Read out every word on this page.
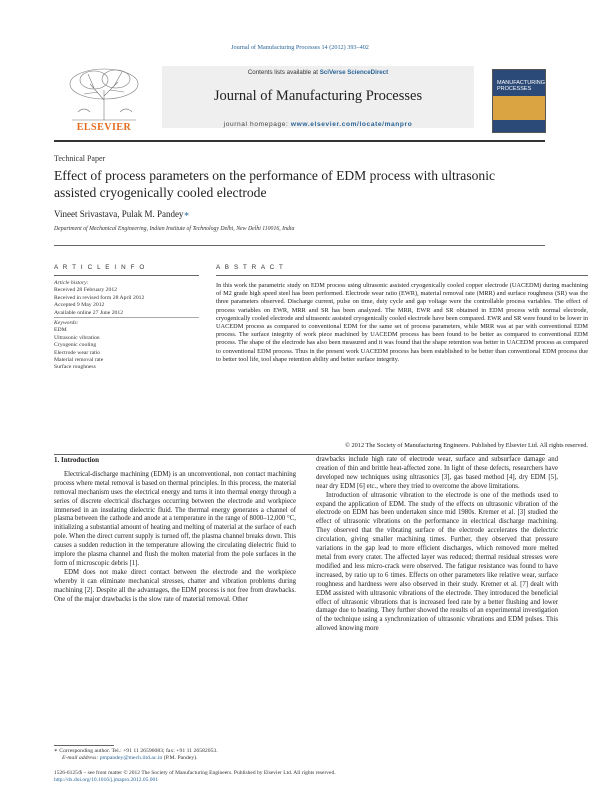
Journal of Manufacturing Processes 14 (2012) 393–402
ELSEVIER
Contents lists available at SciVerse ScienceDirect
Journal of Manufacturing Processes
journal homepage: www.elsevier.com/locate/manpro
MANUFACTURING PROCESSES
Technical Paper
Effect of process parameters on the performance of EDM process with ultrasonic assisted cryogenically cooled electrode
Vineet Srivastava, Pulak M. Pandey∗
Department of Mechanical Engineering, Indian Institute of Technology Delhi, New Delhi 110016, India
A R T I C L E I N F O
Article history:
Received 28 February 2012
Received in revised form 28 April 2012
Accepted 9 May 2012
Available online 27 June 2012
Keywords:
EDM
Ultrasonic vibration
Cryogenic cooling
Electrode wear ratio
Material removal rate
Surface roughness
A B S T R A C T
In this work the parametric study on EDM process using ultrasonic assisted cryogenically cooled copper electrode (UACEDM) during machining of M2 grade high speed steel has been performed. Electrode wear ratio (EWR), material removal rate (MRR) and surface roughness (SR) was the three parameters observed. Discharge current, pulse on time, duty cycle and gap voltage were the controllable process variables. The effect of process variables on EWR, MRR and SR has been analyzed. The MRR, EWR and SR obtained in EDM process with normal electrode, cryogenically cooled electrode and ultrasonic assisted cryogenically cooled electrode have been compared. EWR and SR were found to be lower in UACEDM process as compared to conventional EDM for the same set of process parameters, while MRR was at par with conventional EDM process. The surface integrity of work piece machined by UACEDM process has been found to be better as compared to conventional EDM process. The shape of the electrode has also been measured and it was found that the shape retention was better in UACEDM process as compared to conventional EDM process. Thus in the present work UACEDM process has been established to be better than conventional EDM process due to better tool life, tool shape retention ability and better surface integrity.
© 2012 The Society of Manufacturing Engineers. Published by Elsevier Ltd. All rights reserved.
1. Introduction

Electrical-discharge machining (EDM) is an unconventional, non contact machining process where metal removal is based on thermal principles. In this process, the material removal mechanism uses the electrical energy and turns it into thermal energy through a series of discrete electrical discharges occurring between the electrode and workpiece immersed in an insulating dielectric fluid. The thermal energy generates a channel of plasma between the cathode and anode at a temperature in the range of 8000–12,000 °C, initializing a substantial amount of heating and melting of material at the surface of each pole. When the direct current supply is turned off, the plasma channel breaks down. This causes a sudden reduction in the temperature allowing the circulating dielectric fluid to implore the plasma channel and flush the molten material from the pole surfaces in the form of microscopic debris [1].

EDM does not make direct contact between the electrode and the workpiece whereby it can eliminate mechanical stresses, chatter and vibration problems during machining [2]. Despite all the advantages, the EDM process is not free from drawbacks. One of the major drawbacks is the slow rate of material removal. Other

drawbacks include high rate of electrode wear, surface and subsurface damage and creation of thin and brittle heat-affected zone. In light of these defects, researchers have developed new techniques using ultrasonics [3], gas based method [4], dry EDM [5], near dry EDM [6] etc., where they tried to overcome the above limitations.

Introduction of ultrasonic vibration to the electrode is one of the methods used to expand the application of EDM. The study of the effects on ultrasonic vibration of the electrode on EDM has been undertaken since mid 1980s. Kremer et al. [3] studied the effect of ultrasonic vibrations on the performance in electrical discharge machining. They observed that the vibrating surface of the electrode accelerates the dielectric circulation, giving smaller machining times. Further, they observed that pressure variations in the gap lead to more efficient discharges, which removed more melted metal from every crater. The affected layer was reduced; thermal residual stresses were modified and less micro-crack were observed. The fatigue resistance was found to have increased, by ratio up to 6 times. Effects on other parameters like relative wear, surface roughness and hardness were also observed in their study. Kremer et al. [7] dealt with EDM assisted with ultrasonic vibrations of the electrode. They introduced the beneficial effect of ultrasonic vibrations that is increased feed rate by a better flushing and lower damage due to heating. They further showed the results of an experimental investigation of the technique using a synchronization of ultrasonic vibrations and EDM pulses. This allowed knowing more

∗ Corresponding author. Tel.: +91 11 26596083; fax: +91 11 26582053.
E-mail address: pmpandey@mech.iitd.ac.in (P.M. Pandey).
1526-6125/$ – see front matter © 2012 The Society of Manufacturing Engineers. Published by Elsevier Ltd. All rights reserved.
http://dx.doi.org/10.1016/j.jmapro.2012.05.001
